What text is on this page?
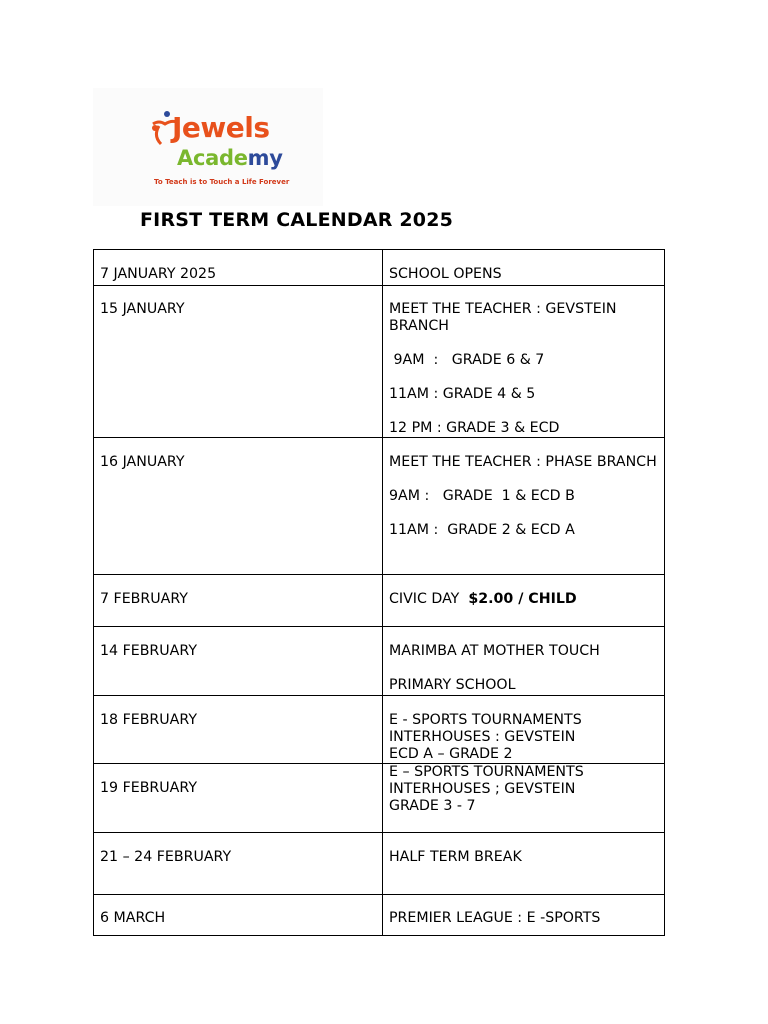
Jewels
Academy
To Teach is to Touch a Life Forever
FIRST TERM CALENDAR 2025
7 JANUARY 2025	SCHOOL OPENS

15 JANUARY	MEET THE TEACHER : GEVSTEIN BRANCH
9AM  :   GRADE 6 & 7
11AM : GRADE 4 & 5
12 PM : GRADE 3 & ECD

16 JANUARY	MEET THE TEACHER : PHASE BRANCH
9AM :   GRADE  1 & ECD B
11AM :  GRADE 2 & ECD A

7 FEBRUARY	CIVIC DAY  $2.00 / CHILD
14 FEBRUARY	MARIMBA AT MOTHER TOUCH
PRIMARY SCHOOL

18 FEBRUARY	E - SPORTS TOURNAMENTS
INTERHOUSES : GEVSTEIN
ECD A – GRADE 2

19 FEBRUARY	E – SPORTS TOURNAMENTS
INTERHOUSES ; GEVSTEIN
GRADE 3 - 7

21 – 24 FEBRUARY	HALF TERM BREAK

6 MARCH	PREMIER LEAGUE : E -SPORTS
